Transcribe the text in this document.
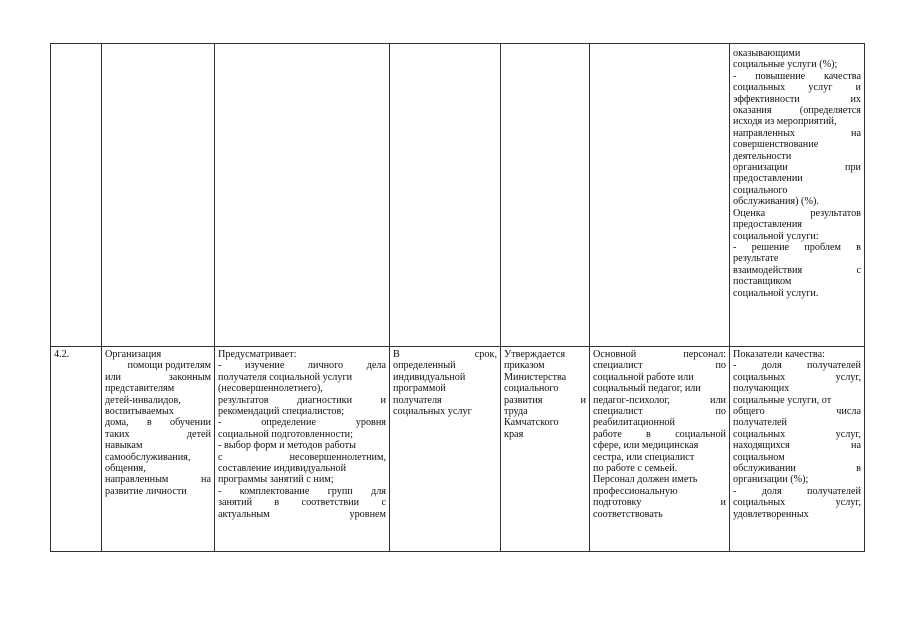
оказывающими
социальные услуги (%);
- повышение качества
социальных услуг и
эффективности их
оказания (определяется
исходя из мероприятий,
направленных на
совершенствование
деятельности
организации при
предоставлении
социального
обслуживания) (%).
Оценка результатов
предоставления
социальной услуги:
- решение проблем в
результате
взаимодействия с
поставщиком
социальной услуги.
4.2.	Организация
помощи родителям
или законным
представителям
детей-инвалидов,
воспитываемых
дома, в обучении
таких детей
навыкам
самообслуживания,
общения,
направленным на
развитие личности
Предусматривает:
- изучение личного дела
получателя социальной услуги
(несовершеннолетнего),
результатов диагностики и
рекомендаций специалистов;
- определение уровня
социальной подготовленности;
- выбор форм и методов работы
с несовершеннолетним,
составление индивидуальной
программы занятий с ним;
- комплектование групп для
занятий в соответствии с
актуальным уровнем
В срок,
определенный
индивидуальной
программой
получателя
социальных услуг
Утверждается
приказом
Министерства
социального
развития и
труда
Камчатского
края
Основной персонал:
специалист по
социальной работе или
социальный педагог, или
педагог-психолог, или
специалист по
реабилитационной
работе в социальной
сфере, или медицинская
сестра, или специалист
по работе с семьей.
Персонал должен иметь
профессиональную
подготовку и
соответствовать
Показатели качества:
- доля получателей
социальных услуг,
получающих
социальные услуги, от
общего числа
получателей
социальных услуг,
находящихся на
социальном
обслуживании в
организации (%);
- доля получателей
социальных услуг,
удовлетворенных
